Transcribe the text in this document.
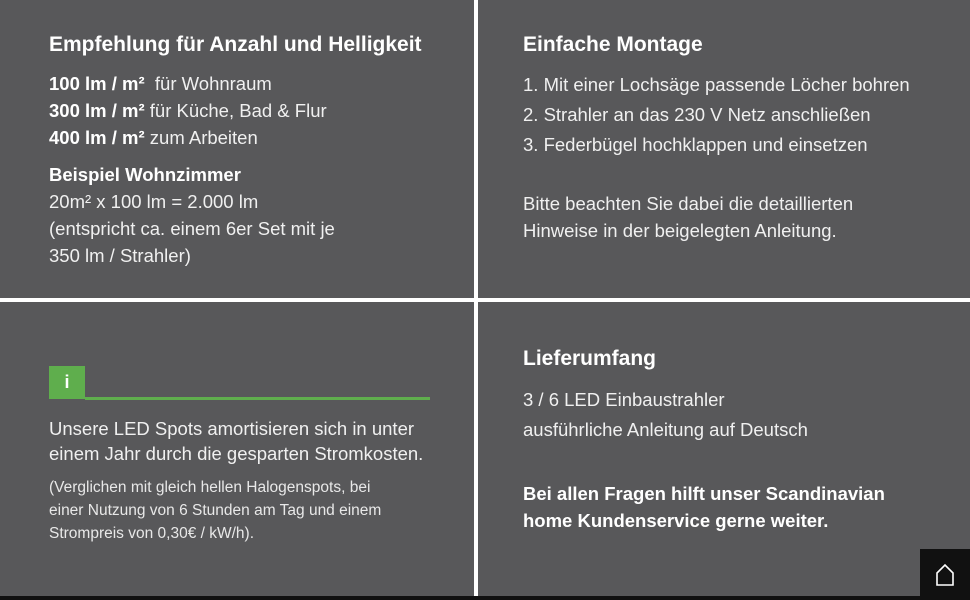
Empfehlung für Anzahl und Helligkeit
100 lm / m²  für Wohnraum
300 lm / m² für Küche, Bad & Flur
400 lm / m² zum Arbeiten
Beispiel Wohnzimmer
20m² x 100 lm = 2.000 lm
(entspricht ca. einem 6er Set mit je
350 lm / Strahler)
Einfache Montage
1. Mit einer Lochsäge passende Löcher bohren
2. Strahler an das 230 V Netz anschließen
3. Federbügel hochklappen und einsetzen
Bitte beachten Sie dabei die detaillierten
Hinweise in der beigelegten Anleitung.
i
Unsere LED Spots amortisieren sich in unter
einem Jahr durch die gesparten Stromkosten.
(Verglichen mit gleich hellen Halogenspots, bei
einer Nutzung von 6 Stunden am Tag und einem
Strompreis von 0,30€ / kW/h).
Lieferumfang
3 / 6 LED Einbaustrahler
ausführliche Anleitung auf Deutsch
Bei allen Fragen hilft unser Scandinavian
home Kundenservice gerne weiter.
